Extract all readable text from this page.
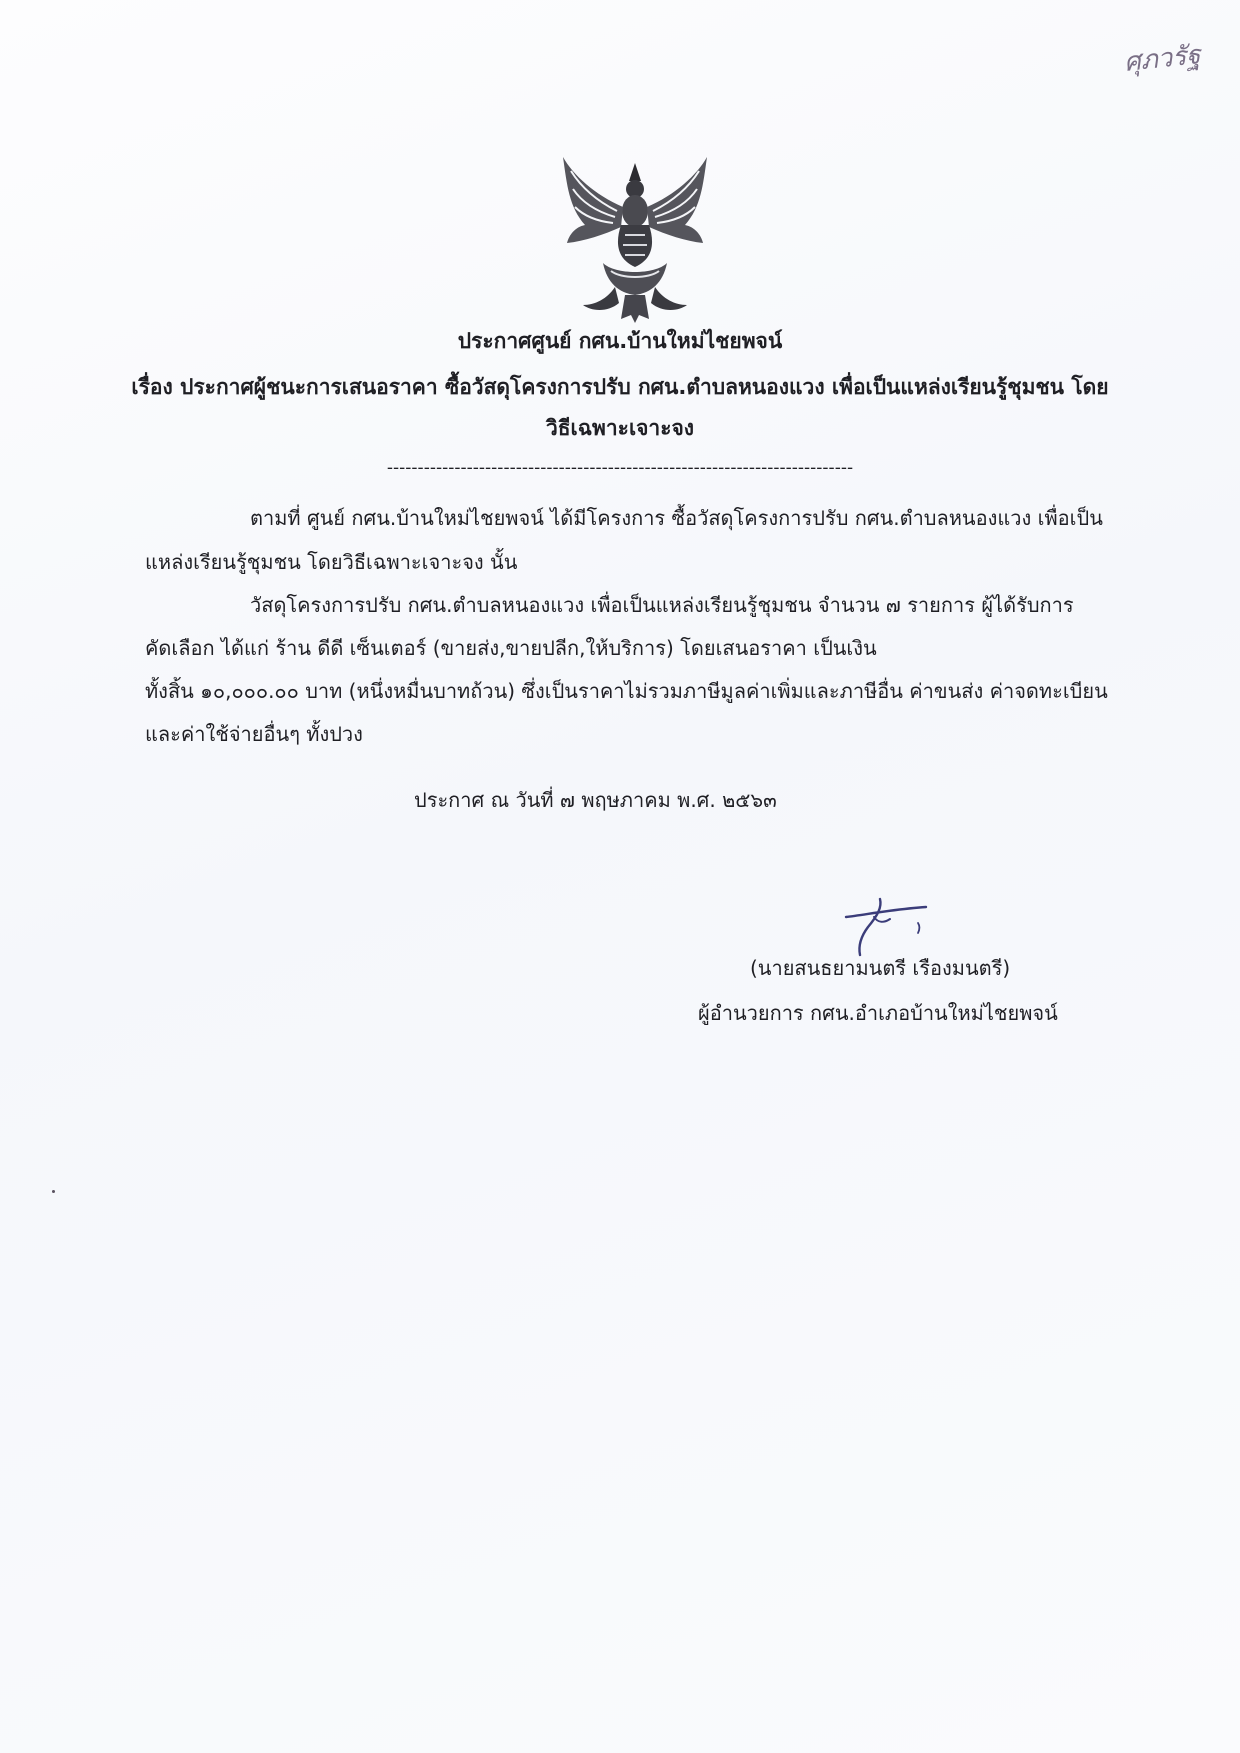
ศุภวรัฐ
ประกาศศูนย์ กศน.บ้านใหม่ไชยพจน์
เรื่อง ประกาศผู้ชนะการเสนอราคา ซื้อวัสดุโครงการปรับ กศน.ตำบลหนองแวง เพื่อเป็นแหล่งเรียนรู้ชุมชน โดย
วิธีเฉพาะเจาะจง
----------------------------------------------------------------------------
ตามที่ ศูนย์ กศน.บ้านใหม่ไชยพจน์ ได้มีโครงการ ซื้อวัสดุโครงการปรับ กศน.ตำบลหนองแวง เพื่อเป็น
แหล่งเรียนรู้ชุมชน โดยวิธีเฉพาะเจาะจง นั้น
วัสดุโครงการปรับ กศน.ตำบลหนองแวง เพื่อเป็นแหล่งเรียนรู้ชุมชน จำนวน ๗ รายการ ผู้ได้รับการ
คัดเลือก ได้แก่ ร้าน ดีดี เซ็นเตอร์ (ขายส่ง,ขายปลีก,ให้บริการ) โดยเสนอราคา เป็นเงิน
ทั้งสิ้น ๑๐,๐๐๐.๐๐ บาท (หนึ่งหมื่นบาทถ้วน) ซึ่งเป็นราคาไม่รวมภาษีมูลค่าเพิ่มและภาษีอื่น ค่าขนส่ง ค่าจดทะเบียน
และค่าใช้จ่ายอื่นๆ ทั้งปวง
ประกาศ ณ วันที่ ๗ พฤษภาคม พ.ศ. ๒๕๖๓
(นายสนธยามนตรี เรืองมนตรี)
ผู้อำนวยการ กศน.อำเภอบ้านใหม่ไชยพจน์
